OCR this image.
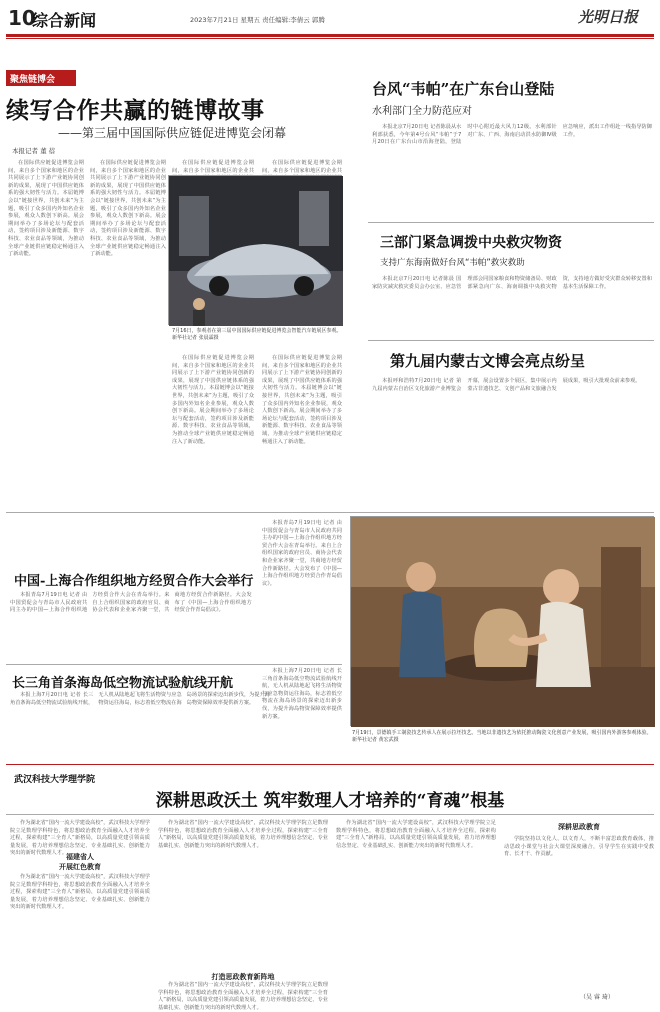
10
综合新闻	2023年7月21日 星期五 责任编辑:李倩云 郭腾	光明日报
聚焦链博会
续写合作共赢的链博故事
——第三届中国国际供应链促进博览会闭幕
本报记者 董 蓓

在国际供应链促进博览会期间，来自多个国家和地区的企业共同展示了上下游产业链协同创新的成果，展现了中国供应链体系的强大韧性与活力。本届链博会以“链接世界，共创未来”为主题，吸引了众多国内外知名企业参展，观众人数创下新高。展会期间举办了多场论坛与配套活动，签约项目涉及新能源、数字科技、农业食品等领域，为推动全球产业链供应链稳定畅通注入了新动能。

在国际供应链促进博览会期间，来自多个国家和地区的企业共同展示了上下游产业链协同创新的成果，展现了中国供应链体系的强大韧性与活力。本届链博会以“链接世界，共创未来”为主题，吸引了众多国内外知名企业参展，观众人数创下新高。展会期间举办了多场论坛与配套活动，签约项目涉及新能源、数字科技、农业食品等领域，为推动全球产业链供应链稳定畅通注入了新动能。

在国际供应链促进博览会期间，来自多个国家和地区的企业共

在国际供应链促进博览会期间，来自多个国家和地区的企业共

7月16日，参观者在第三届中国国际供应链促进博览会智能汽车链展区参观。新华社记者 张晨霖摄

在国际供应链促进博览会期间，来自多个国家和地区的企业共同展示了上下游产业链协同创新的成果，展现了中国供应链体系的强大韧性与活力。本届链博会以“链接世界，共创未来”为主题，吸引了众多国内外知名企业参展，观众人数创下新高。展会期间举办了多场论坛与配套活动，签约项目涉及新能源、数字科技、农业食品等领域，为推动全球产业链供应链稳定畅通注入了新动能。

在国际供应链促进博览会期间，来自多个国家和地区的企业共同展示了上下游产业链协同创新的成果，展现了中国供应链体系的强大韧性与活力。本届链博会以“链接世界，共创未来”为主题，吸引了众多国内外知名企业参展，观众人数创下新高。展会期间举办了多场论坛与配套活动，签约项目涉及新能源、数字科技、农业食品等领域，为推动全球产业链供应链稳定畅通注入了新动能。

台风“韦帕”在广东台山登陆
水利部门全力防范应对

本报北京7月20日电 记者陈晨从水利部获悉，今年第4号台风“韦帕”于7月20日在广东台山市沿海登陆，登陆时中心附近最大风力12级。水利部针对广东、广西、海南启动洪水防御Ⅳ级应急响应，派出工作组赴一线指导防御工作。

三部门紧急调拨中央救灾物资
支持广东海南做好台风“韦帕”救灾救助

本报北京7月20日电 记者陈晨 国家防灾减灾救灾委员会办公室、应急管理部会同国家粮食和物资储备局、财政部紧急向广东、海南调拨中央救灾物资，支持地方做好受灾群众转移安置和基本生活保障工作。

第九届内蒙古文博会亮点纷呈

本报呼和浩特7月20日电 记者 第九届内蒙古自治区文化旅游产业博览会开幕，展会设置多个展区，集中展示内蒙古非遗技艺、文创产品和文旅融合发展成果，吸引大批观众前来参观。

中国-上海合作组织地方经贸合作大会举行

本报青岛7月19日电 记者 由中国贸促会与青岛市人民政府共同主办的中国—上海合作组织地方经贸合作大会在青岛举行。来自上合组织国家的政府官员、商协会代表和企业家齐聚一堂，共商地方经贸合作新路径。大会发布了《中国—上海合作组织地方经贸合作青岛倡议》。

本报青岛7月19日电 记者 由中国贸促会与青岛市人民政府共同主办的中国—上海合作组织地方经贸合作大会在青岛举行。来自上合组织国家的政府官员、商协会代表和企业家齐聚一堂，共商地方经贸合作新路径。大会发布了《中国—上海合作组织地方经贸合作青岛倡议》。

长三角首条海岛低空物流试验航线开航

本报上海7月20日电 记者 长三角首条海岛低空物流试验航线开航，无人机从陆地起飞将生活物资与应急物资运往海岛，标志着低空物流在海岛场景的探索迈出新步伐，为提升海岛物资保障效率提供新方案。

本报上海7月20日电 记者 长三角首条海岛低空物流试验航线开航，无人机从陆地起飞将生活物资与应急物资运往海岛，标志着低空物流在海岛场景的探索迈出新步伐，为提升海岛物资保障效率提供新方案。

7月19日，景德镇手工制瓷技艺传承人在展示拉坯技艺。当地以非遗技艺为依托推动陶瓷文化创意产业发展，吸引国内外游客参观体验。 新华社记者 黄宏武摄
武汉科技大学理学院
深耕思政沃土 筑牢数理人才培养的“育魂”根基

作为湖北省“国内一流大学建设高校”，武汉科技大学理学院立足数理学科特色，将思想政治教育全面融入人才培养全过程，探索构建“三全育人”新格局，以高质量党建引领高质量发展，着力培养理想信念坚定、专业基础扎实、创新能力突出的新时代数理人才。

福建省人
开展红色教育

作为湖北省“国内一流大学建设高校”，武汉科技大学理学院立足数理学科特色，将思想政治教育全面融入人才培养全过程，探索构建“三全育人”新格局，以高质量党建引领高质量发展，着力培养理想信念坚定、专业基础扎实、创新能力突出的新时代数理人才。

作为湖北省“国内一流大学建设高校”，武汉科技大学理学院立足数理学科特色，将思想政治教育全面融入人才培养全过程，探索构建“三全育人”新格局，以高质量党建引领高质量发展，着力培养理想信念坚定、专业基础扎实、创新能力突出的新时代数理人才。

打造思政教育新阵地

作为湖北省“国内一流大学建设高校”，武汉科技大学理学院立足数理学科特色，将思想政治教育全面融入人才培养全过程，探索构建“三全育人”新格局，以高质量党建引领高质量发展，着力培养理想信念坚定、专业基础扎实、创新能力突出的新时代数理人才。

作为湖北省“国内一流大学建设高校”，武汉科技大学理学院立足数理学科特色，将思想政治教育全面融入人才培养全过程，探索构建“三全育人”新格局，以高质量党建引领高质量发展，着力培养理想信念坚定、专业基础扎实、创新能力突出的新时代数理人才。

深耕思政教育

学院坚持以文化人、以文育人，不断丰富思政教育载体，推动思政小课堂与社会大课堂深度融合，引导学生在实践中受教育、长才干、作贡献。

（吴 睿 琦）
